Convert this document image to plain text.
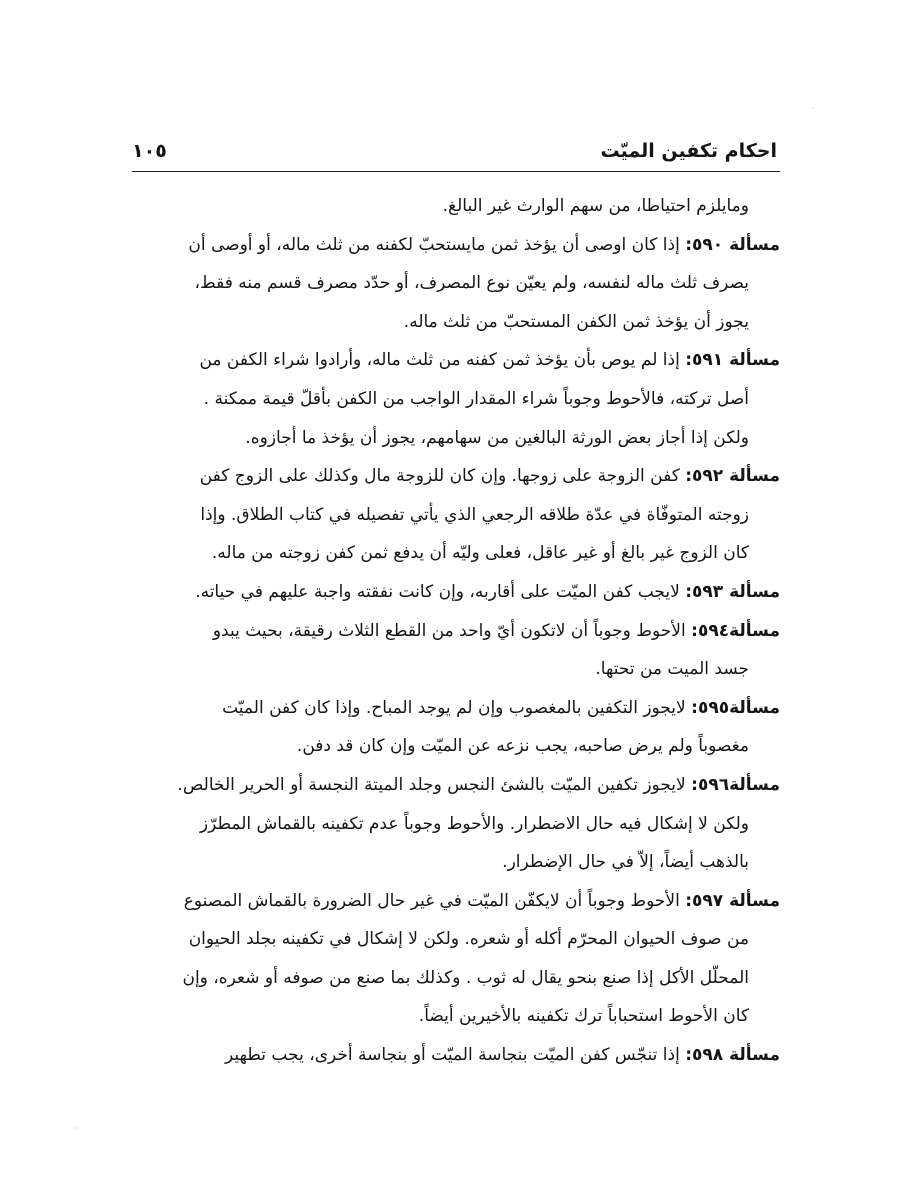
احكام تكفين الميّت
١٠٥
ومايلزم احتياطا، من سهم الوارث غير البالغ.
مسألة ٥٩٠: إذا كان اوصى أن يؤخذ ثمن مايستحبّ لكفنه من ثلث ماله، أو أوصى أن
يصرف ثلث ماله لنفسه، ولم يعيّن نوع المصرف، أو حدّد مصرف قسم منه فقط،
يجوز أن يؤخذ ثمن الكفن المستحبّ من ثلث ماله.
مسألة ٥٩١: إذا لم يوص بأن يؤخذ ثمن كفنه من ثلث ماله، وأرادوا شراء الكفن من
أصل تركته، فالأحوط وجوباً شراء المقدار الواجب من الكفن بأقلّ قيمة ممكنة .
ولكن إذا أجاز بعض الورثة البالغين من سهامهم، يجوز أن يؤخذ ما أجازوه.
مسألة ٥٩٢: كفن الزوجة على زوجها. وإن كان للزوجة مال وكذلك على الزوج كفن
زوجته المتوفّاة في عدّة طلاقه الرجعي الذي يأتي تفصيله في كتاب الطلاق. وإذا
كان الزوج غير بالغ أو غير عاقل، فعلى وليّه أن يدفع ثمن كفن زوجته من ماله.
مسألة ٥٩٣: لايجب كفن الميّت على أقاربه، وإن كانت نفقته واجبة عليهم في حياته.
مسألة٥٩٤: الأحوط وجوباً أن لاتكون أيّ واحد من القطع الثلاث رقيقة، بحيث يبدو
جسد الميت من تحتها.
مسألة٥٩٥: لايجوز التكفين بالمغصوب وإن لم يوجد المباح. وإذا كان كفن الميّت
مغصوباً ولم يرض صاحبه، يجب نزعه عن الميّت وإن كان قد دفن.
مسألة٥٩٦: لايجوز تكفين الميّت بالشئ النجس وجلد الميتة النجسة أو الحرير الخالص.
ولكن لا إشكال فيه حال الاضطرار. والأحوط وجوباً عدم تكفينه بالقماش المطرّز
بالذهب أيضاً، إلاّ في حال الإضطرار.
مسألة ٥٩٧: الأحوط وجوباً أن لايكفّن الميّت في غير حال الضرورة بالقماش المصنوع
من صوف الحيوان المحرّم أكله أو شعره. ولكن لا إشكال في تكفينه بجلد الحيوان
المحلّل الأكل إذا صنع بنحو يقال له ثوب . وكذلك بما صنع من صوفه أو شعره، وإن
كان الأحوط استحباباً ترك تكفينه بالأخيرين أيضاً.
مسألة ٥٩٨: إذا تنجّس كفن الميّت بنجاسة الميّت أو بنجاسة أخرى، يجب تطهير
·
·
